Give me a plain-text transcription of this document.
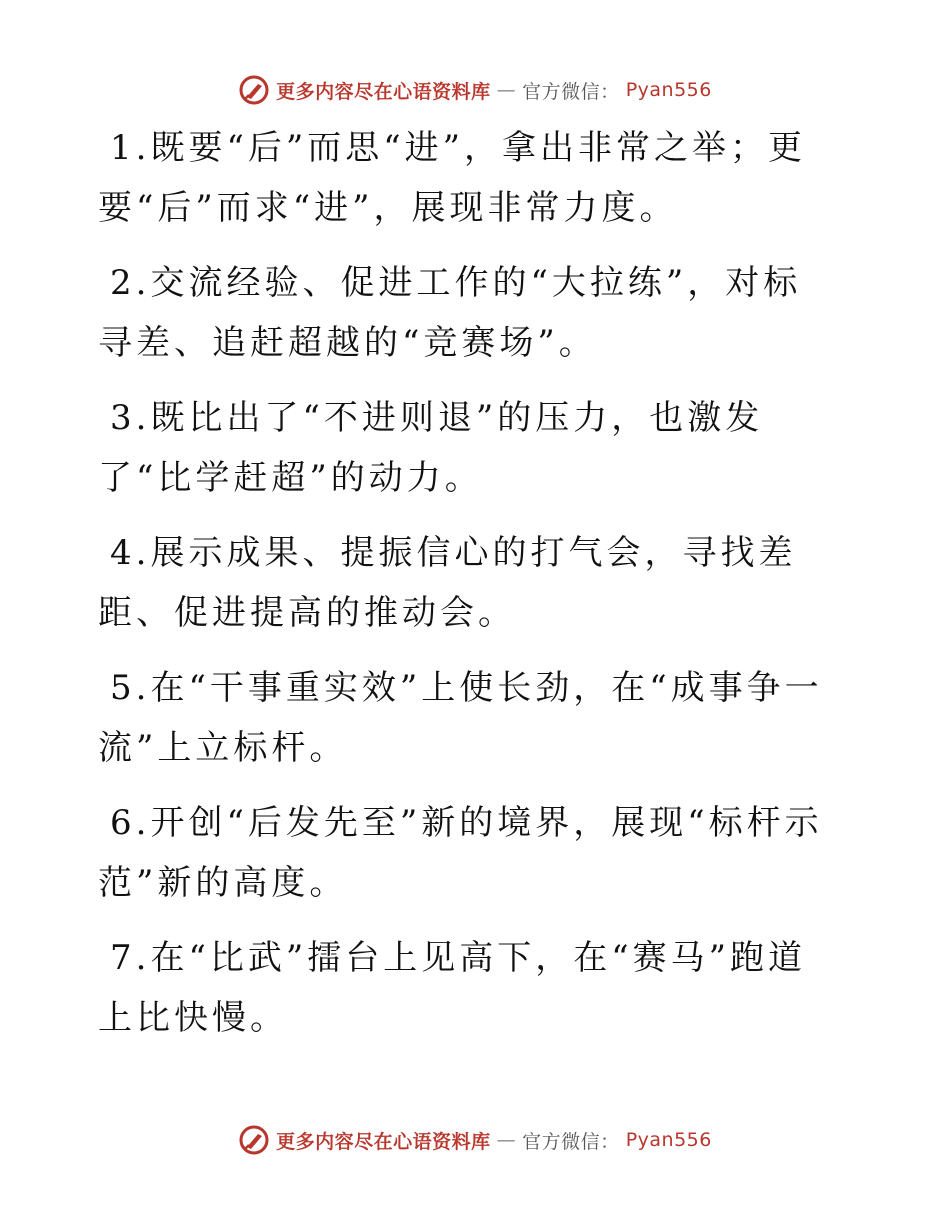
更多内容尽在心语资料库 — 官方微信： Pyan556

1.既要“后”而思“进”，拿出非常之举；更要“后”而求“进”，展现非常力度。

2.交流经验、促进工作的“大拉练”，对标寻差、追赶超越的“竞赛场”。

3.既比出了“不进则退”的压力，也激发了“比学赶超”的动力。

4.展示成果、提振信心的打气会，寻找差距、促进提高的推动会。

5.在“干事重实效”上使长劲，在“成事争一流”上立标杆。

6.开创“后发先至”新的境界，展现“标杆示范”新的高度。

7.在“比武”擂台上见高下，在“赛马”跑道上比快慢。

更多内容尽在心语资料库 — 官方微信： Pyan556
